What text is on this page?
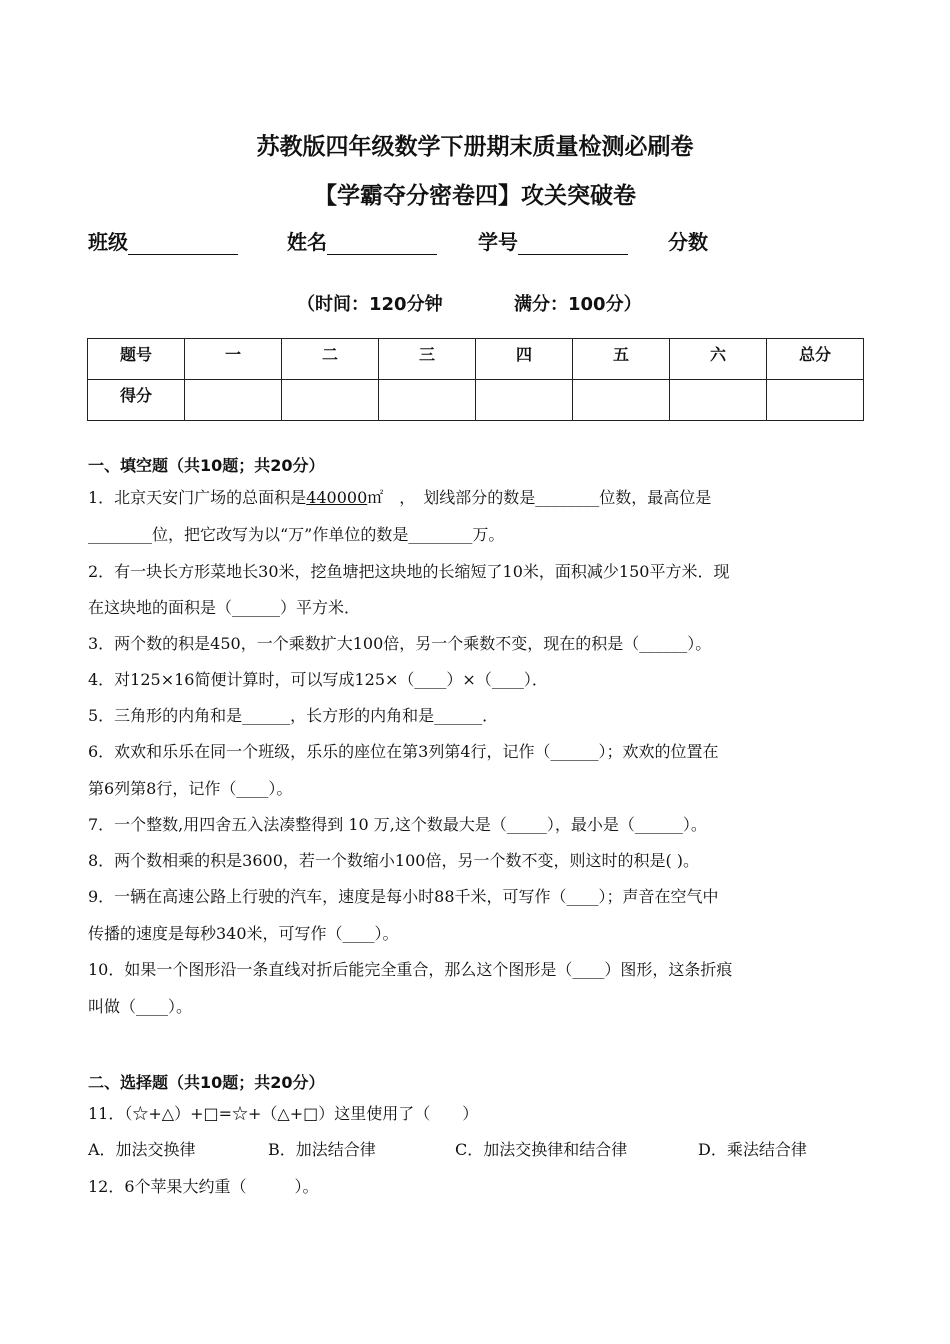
苏教版四年级数学下册期末质量检测必刷卷
【学霸夺分密卷四】攻关突破卷
班级	姓名	学号	分数
（时间：120分钟	满分：100分）
题号	一	二	三	四	五	六	总分
得分							
一、填空题（共10题；共20分）
1．北京天安门广场的总面积是440000㎡　 ，　划线部分的数是________位数，最高位是
________位，把它改写为以“万”作单位的数是________万。
2．有一块长方形菜地长30米，挖鱼塘把这块地的长缩短了10米，面积减少150平方米．现
在这块地的面积是（______）平方米．
3．两个数的积是450，一个乘数扩大100倍，另一个乘数不变，现在的积是（______）。
4．对125×16简便计算时，可以写成125×（____）×（____）．
5．三角形的内角和是______，长方形的内角和是______．
6．欢欢和乐乐在同一个班级，乐乐的座位在第3列第4行，记作（______）；欢欢的位置在
第6列第8行，记作（____）。
7．一个整数,用四舍五入法凑整得到 10 万,这个数最大是（_____），最小是（______）。
8．两个数相乘的积是3600，若一个数缩小100倍，另一个数不变，则这时的积是( )。
9．一辆在高速公路上行驶的汽车，速度是每小时88千米，可写作（____）；声音在空气中
传播的速度是每秒340米，可写作（____）。
10．如果一个图形沿一条直线对折后能完全重合，那么这个图形是（____）图形，这条折痕
叫做（____）。
二、选择题（共10题；共20分）
11．（☆+△）+□=☆+（△+□）这里使用了（　　）
A．加法交换律	B．加法结合律	C．加法交换律和结合律	D．乘法结合律
12．6个苹果大约重（　　　）。
